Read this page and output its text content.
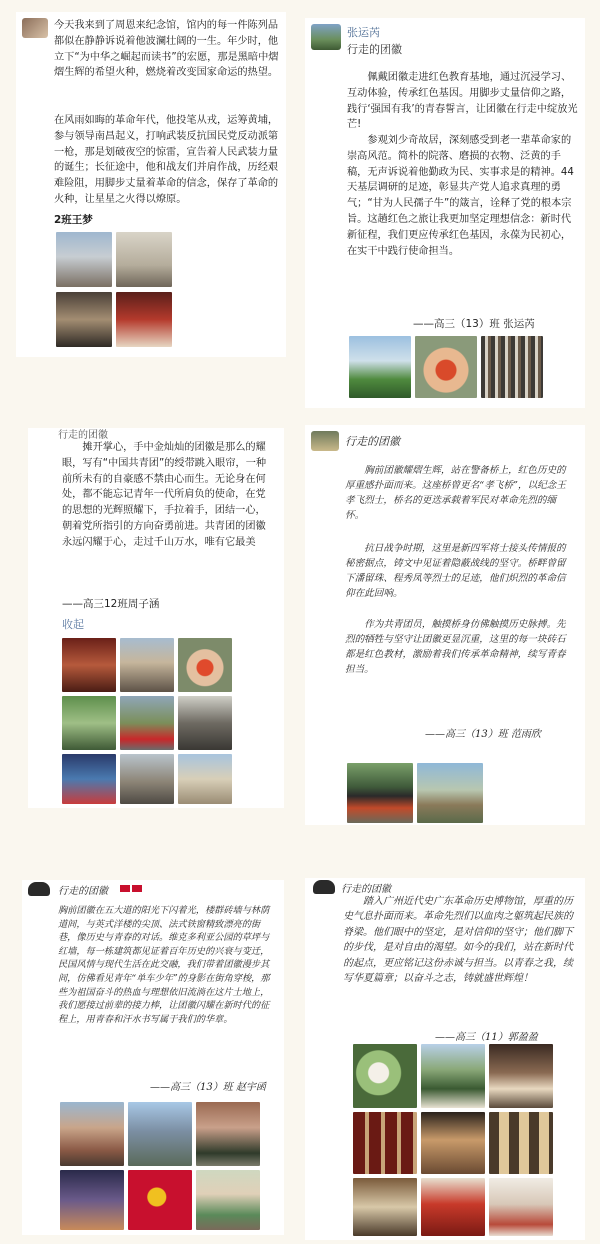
今天我来到了周恩来纪念馆，馆内的每一件陈列品都似在静静诉说着他波澜壮阔的一生。年少时，他立下“为中华之崛起而读书”的宏愿，那是黑暗中熠熠生辉的希望火种，燃烧着改变国家命运的热望。
在风雨如晦的革命年代，他投笔从戎，运筹黄埔，参与领导南昌起义，打响武装反抗国民党反动派第一枪，那是划破夜空的惊雷，宣告着人民武装力量的诞生；长征途中，他和战友们并肩作战，历经艰难险阻，用脚步丈量着革命的信念，保存了革命的火种，让星星之火得以燎原。
2班王梦
张运芮
行走的团徽
佩戴团徽走进红色教育基地，通过沉浸学习、互动体验，传承红色基因。用脚步丈量信仰之路，践行‘强国有我’的青春誓言，让团徽在行走中绽放光芒!
参观刘少奇故居，深刻感受到老一辈革命家的崇高风范。简朴的院落、磨损的衣物、泛黄的手稿，无声诉说着他勤政为民、实事求是的精神。44天基层调研的足迹，彰显共产党人追求真理的勇气；“甘为人民孺子牛”的箴言，诠释了党的根本宗旨。这趟红色之旅让我更加坚定理想信念：新时代新征程，我们更应传承红色基因，永葆为民初心，在实干中践行使命担当。
——高三（13）班 张运芮
行走的团徽
摊开掌心，手中金灿灿的团徽是那么的耀眼，写有“中国共青团”的绶带跳入眼帘，一种前所未有的自豪感不禁由心而生。无论身在何处，都不能忘记青年一代所肩负的使命，在党的思想的光辉照耀下，手拉着手，团结一心，朝着党所指引的方向奋勇前进。共青团的团徽永远闪耀于心，走过千山万水，唯有它最美
——高三12班周子涵
收起
行走的团徽
胸前团徽耀熠生辉，站在警备桥上，红色历史的厚重感扑面而来。这座桥曾更名“孝飞桥”，以纪念王孝飞烈士，桥名的更迭承载着军民对革命先烈的缅怀。
抗日战争时期，这里是新四军将士接头传情报的秘密据点，铸文中见证着隐蔽战线的坚守。桥畔曾留下潘留珠、程秀凤等烈士的足迹，他们炽烈的革命信仰在此回响。
作为共青团员，触摸桥身仿佛触摸历史脉搏。先烈的牺牲与坚守让团徽更显沉重，这里的每一块砖石都是红色教材，激励着我们传承革命精神，续写青春担当。
——高三（13）班 范雨欣
行走的团徽
胸前团徽在五大道的阳光下闪着光，楼群砖墙与林荫道间，与英式洋楼的尖顶、法式铁窗精致漂亮的街巷，像历史与青春的对话。维克多利亚公园的草坪与红墙，每一栋建筑都见证着百年历史的兴衰与变迁，民国风情与现代生活在此交融，我们带着团徽漫步其间，仿佛看见青年“单车少年”的身影在街角穿梭，那些为祖国奋斗的热血与理想依旧流淌在这片土地上，我们愿接过前辈的接力棒，让团徽闪耀在新时代的征程上，用青春和汗水书写属于我们的华章。
——高三（13）班 赵宇函
行走的团徽
踏入广州近代史广东革命历史博物馆，厚重的历史气息扑面而来。革命先烈们以血肉之躯筑起民族的脊梁。他们眼中的坚定，是对信仰的坚守；他们脚下的步伐，是对自由的渴望。如今的我们，站在新时代的起点，更应铭记这份赤诚与担当。以青春之我，续写华夏篇章；以奋斗之志，铸就盛世辉煌！
——高三（11）郭盈盈
